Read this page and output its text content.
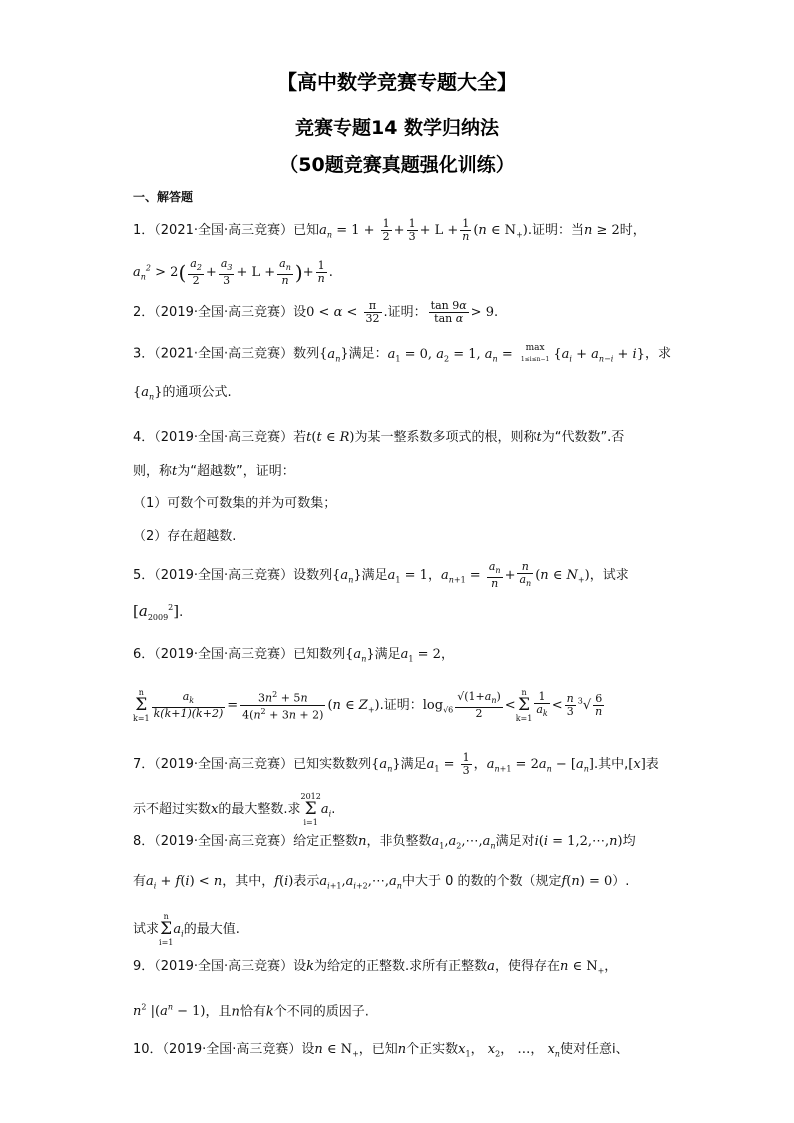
【高中数学竞赛专题大全】
竞赛专题14 数学归纳法
（50题竞赛真题强化训练）
一、解答题
1．（2021·全国·高三竞赛）已知$a_n = 1 + \frac{1}{2} + \frac{1}{3} + L + \frac{1}{n} (n$ ∈ $N_+$).证明：当n ≥ 2时，
$a_n^2 > 2( \frac{a_2}{2} + \frac{a_3}{3} + L + \frac{a_n}{n}$ )+ $\frac{1}{n}$ .
2．（2019·全国·高三竞赛）设$0 < \alpha < \frac{\pi}{32}$ .证明： $\frac{\tan 9\alpha}{\text{tan α}} > 9$.
3．（2021·全国·高三竞赛）数列$\{a_n\}$满足：$a_1 = 0$, $a_2 = 1$, $a_n = \max$
1≤i≤n−1 $\{a_i + a_{n-i} + i\}$，求
$\{a_n\}$的通项公式.
4．（2019·全国·高三竞赛）若t(t ∈ R)为某一整系数多项式的根，则称t为“代数数”.否
则，称t为“超越数”，证明：
（1）可数个可数集的并为可数集；
（2）存在超越数.
5．（2019·全国·高三竞赛）设数列$\{a_n\}$满足$a_1 = 1$，$a_{n+1} = \frac{a_n}{n} + \frac{n}{a_n} (n$ ∈ $N_+$)，试求
$[a_{2009}^2]$.
6．（2019·全国·高三竞赛）已知数列$\{a_n\}$满足$a_1 = 2$，
n
Σ
$k=1 \frac{a_k}{k(k+1)(k+2)} = \frac{3n^2 + 5n}{4(n^2 + 3n + 2)} (n$ ∈ $Z_+$).证明：$\log_{√6} \frac{√(1+a_n)}{2} <n$
Σ
$k=1 \frac{1}{a_k} < \frac{n}{3} ^3√ \frac{6}{n}$
7．（2019·全国·高三竞赛）已知实数数列$\{a_n\}$满足$a_1 = \frac{1}{3}$ ，$a_{n+1} = 2a_n - [a_n]$.其中,[x]表
示不超过实数x的最大整数.求2012
Σ
$i=1a_i$.
8．（2019·全国·高三竞赛）给定正整数n，非负整数$a_1,a_2,\cdots,a_n$满足对i(i = 1,2,⋯,n)均
有$a_i + f(i) < n$，其中，f(i)表示$a_{i+1},a_{i+2},\cdots,a_n$中大于 0 的数的个数（规定f(n) = 0）.
试求n
Σ
$i=1a_i$的最大值.
9．（2019·全国·高三竞赛）设k为给定的正整数.求所有正整数a，使得存在n ∈ $N_+$，
$n^2$ $|(a^n - 1)$，且n恰有k个不同的质因子.
10．（2019·全国·高三竞赛）设n ∈ $N_+$，已知n个正实数$x_1$， $x_2$， …， $x_n$使对任意i、
